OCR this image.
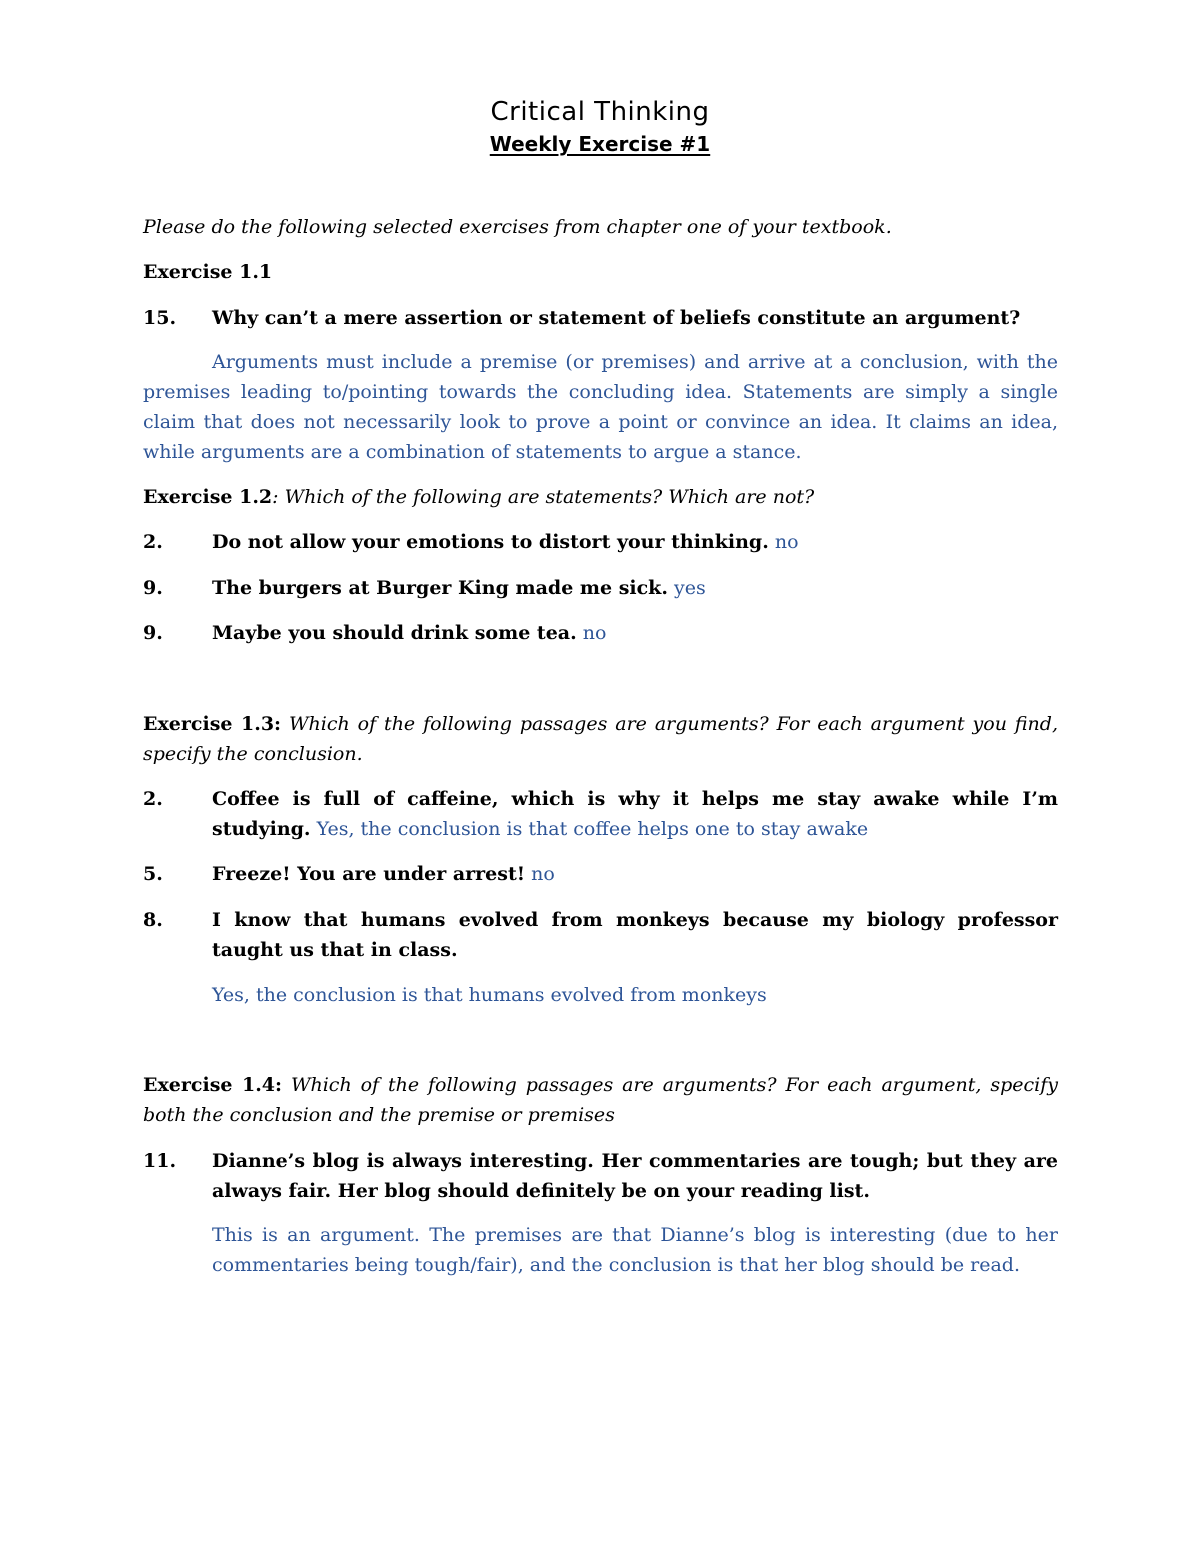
Critical Thinking
Weekly Exercise #1
Please do the following selected exercises from chapter one of your textbook.
Exercise 1.1
15. Why can’t a mere assertion or statement of beliefs constitute an argument?
Arguments must include a premise (or premises) and arrive at a conclusion, with the premises leading to/pointing towards the concluding idea. Statements are simply a single claim that does not necessarily look to prove a point or convince an idea. It claims an idea, while arguments are a combination of statements to argue a stance.
Exercise 1.2: Which of the following are statements? Which are not?
2.	Do not allow your emotions to distort your thinking. no
9.	The burgers at Burger King made me sick. yes
9.	Maybe you should drink some tea. no
Exercise 1.3: Which of the following passages are arguments? For each argument you find, specify the conclusion.
2.	Coffee is full of caffeine, which is why it helps me stay awake while I’m studying. Yes, the conclusion is that coffee helps one to stay awake
5.	Freeze! You are under arrest! no
8.	I know that humans evolved from monkeys because my biology professor taught us that in class.
Yes, the conclusion is that humans evolved from monkeys
Exercise 1.4: Which of the following passages are arguments? For each argument, specify both the conclusion and the premise or premises
11. Dianne’s blog is always interesting. Her commentaries are tough; but they are always fair. Her blog should definitely be on your reading list.
This is an argument. The premises are that Dianne’s blog is interesting (due to her commentaries being tough/fair), and the conclusion is that her blog should be read.
